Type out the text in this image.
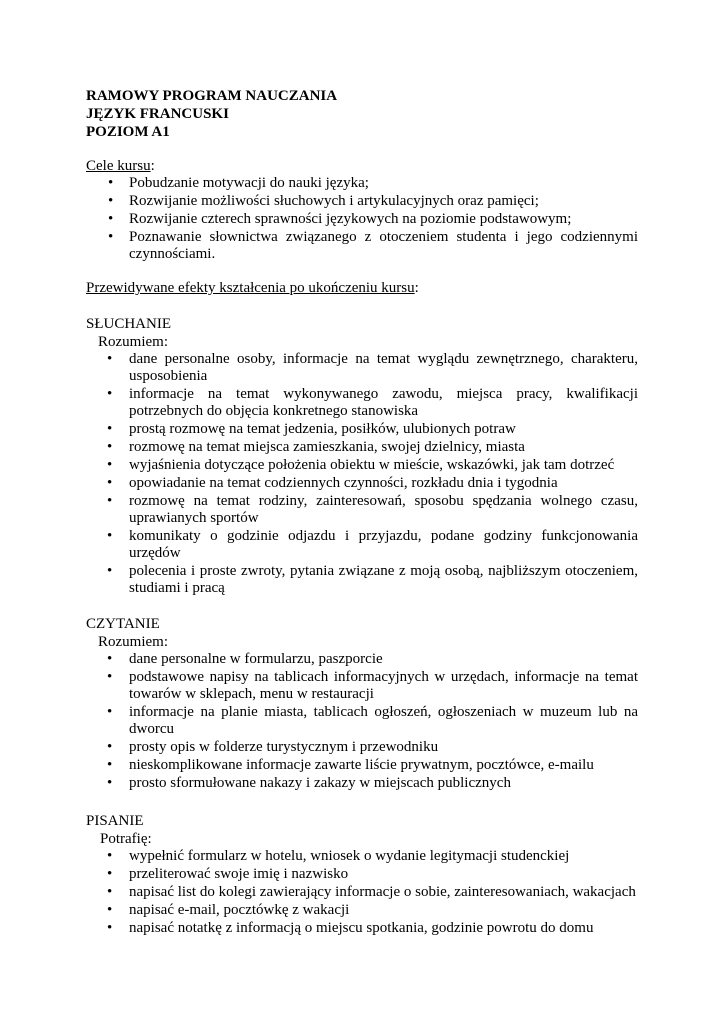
RAMOWY PROGRAM NAUCZANIA
JĘZYK FRANCUSKI
POZIOM A1
Cele kursu:
• Pobudzanie motywacji do nauki języka;
• Rozwijanie możliwości słuchowych i artykulacyjnych oraz pamięci;
• Rozwijanie czterech sprawności językowych na poziomie podstawowym;
• Poznawanie słownictwa związanego z otoczeniem studenta i jego codziennymi czynnościami.
Przewidywane efekty kształcenia po ukończeniu kursu:
SŁUCHANIE
Rozumiem:
• dane personalne osoby, informacje na temat wyglądu zewnętrznego, charakteru, usposobienia
• informacje na temat wykonywanego zawodu, miejsca pracy, kwalifikacji potrzebnych do objęcia konkretnego stanowiska
• prostą rozmowę na temat jedzenia, posiłków, ulubionych potraw
• rozmowę na temat miejsca zamieszkania, swojej dzielnicy, miasta
• wyjaśnienia dotyczące położenia obiektu w mieście, wskazówki, jak tam dotrzeć
• opowiadanie na temat codziennych czynności, rozkładu dnia i tygodnia
• rozmowę na temat rodziny, zainteresowań, sposobu spędzania wolnego czasu, uprawianych sportów
• komunikaty o godzinie odjazdu i przyjazdu, podane godziny funkcjonowania urzędów
• polecenia i proste zwroty, pytania związane z moją osobą, najbliższym otoczeniem, studiami i pracą
CZYTANIE
Rozumiem:
• dane personalne w formularzu, paszporcie
• podstawowe napisy na tablicach informacyjnych w urzędach, informacje na temat towarów w sklepach, menu w restauracji
• informacje na planie miasta, tablicach ogłoszeń, ogłoszeniach w muzeum lub na dworcu
• prosty opis w folderze turystycznym i przewodniku
• nieskomplikowane informacje zawarte liście prywatnym, pocztówce, e-mailu
• prosto sformułowane nakazy i zakazy w miejscach publicznych
PISANIE
Potrafię:
• wypełnić formularz w hotelu, wniosek o wydanie legitymacji studenckiej
• przeliterować swoje imię i nazwisko
• napisać list do kolegi zawierający informacje o sobie, zainteresowaniach, wakacjach
• napisać e-mail, pocztówkę z wakacji
• napisać notatkę z informacją o miejscu spotkania, godzinie powrotu do domu
